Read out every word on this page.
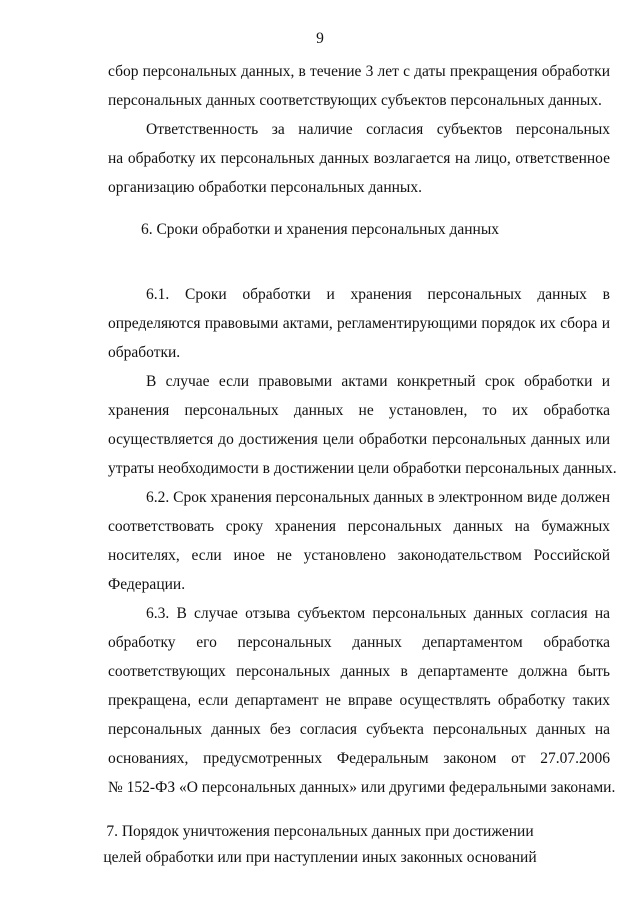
9
сбор персональных данных, в течение 3 лет с даты прекращения обработки
персональных данных соответствующих субъектов персональных данных.
Ответственность за наличие согласия субъектов персональных
на обработку их персональных данных возлагается на лицо, ответственное
организацию обработки персональных данных.
6. Сроки обработки и хранения персональных данных
6.1. Сроки обработки и хранения персональных данных в
определяются правовыми актами, регламентирующими порядок их сбора и
обработки.
В случае если правовыми актами конкретный срок обработки и
хранения персональных данных не установлен, то их обработка
осуществляется до достижения цели обработки персональных данных или
утраты необходимости в достижении цели обработки персональных данных.
6.2. Срок хранения персональных данных в электронном виде должен
соответствовать сроку хранения персональных данных на бумажных
носителях, если иное не установлено законодательством Российской
Федерации.
6.3. В случае отзыва субъектом персональных данных согласия на
обработку его персональных данных департаментом обработка
соответствующих персональных данных в департаменте должна быть
прекращена, если департамент не вправе осуществлять обработку таких
персональных данных без согласия субъекта персональных данных на
основаниях, предусмотренных Федеральным законом от 27.07.2006
№ 152-ФЗ «О персональных данных» или другими федеральными законами.
7. Порядок уничтожения персональных данных при достижении
целей обработки или при наступлении иных законных оснований
